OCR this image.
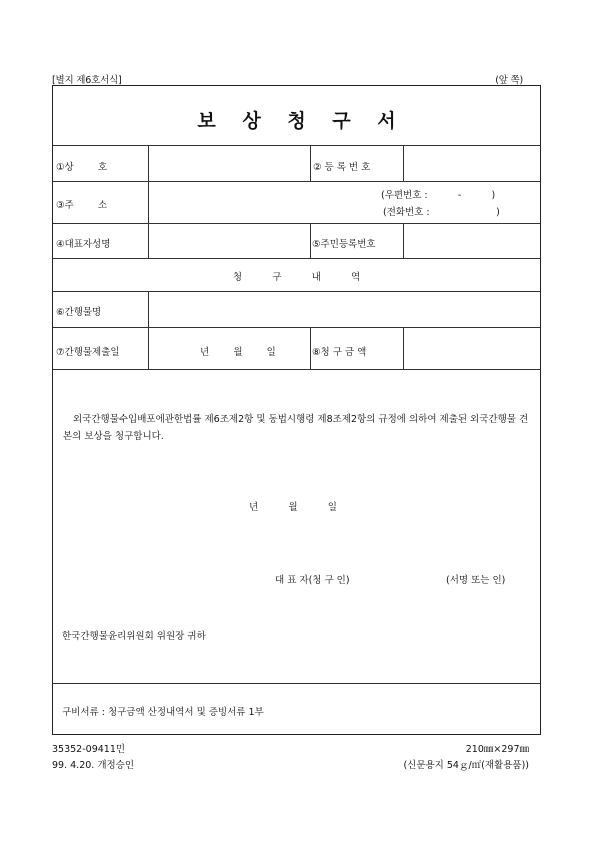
[별지 제6호서식]	(앞 쪽)
보 상 청 구 서
①상        호	② 등 록 번 호
③주        소
(우편번호 :          -          )
(전화번호 :                      )
④대표자성명	⑤주민등록번호
청          구          내          역
⑥간행물명
⑦간행물제출일	년        월        일	⑧청 구 금 액
외국간행물수입배포에관한법률 제6조제2항 및 동법시행령 제8조제2항의 규정에 의하여 제출된 외국간행물 견본의 보상을 청구합니다.
년          월          일
대 표 자(청 구 인)	(서명 또는 인)
한국간행물윤리위원회 위원장 귀하
구비서류 : 청구금액 산정내역서 및 증빙서류 1부
35352-09411민	210㎜×297㎜
99. 4.20. 개정승인	(신문용지 54ｇ/㎡(재활용품))
